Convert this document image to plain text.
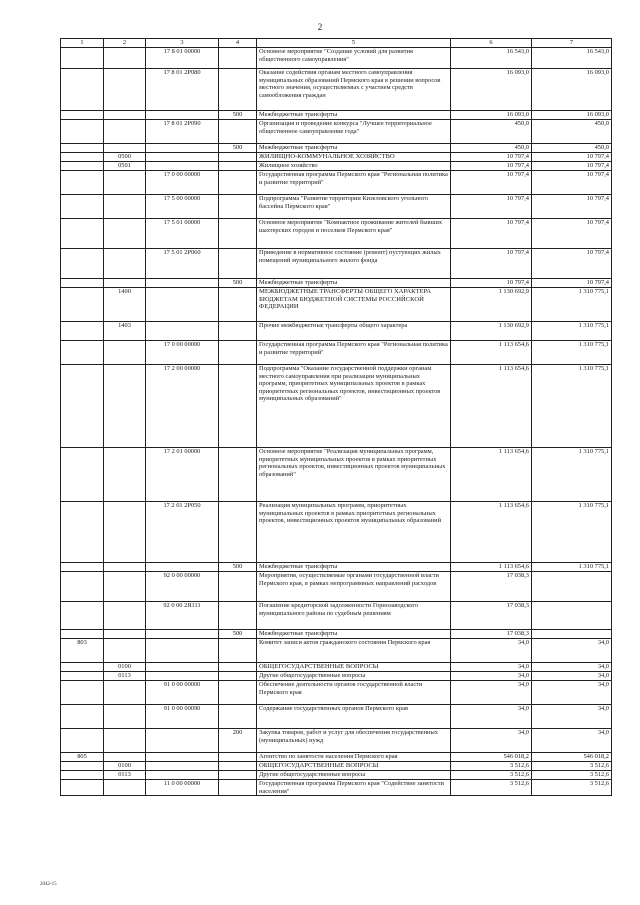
2
1	2	3	4	5	6	7
		17 8 01 00000		Основное мероприятие "Создание условий для развития общественного самоуправления"	16 543,0	16 543,0
		17 8 01 2Р080		Оказание содействия органам местного самоуправления муниципальных образований Пермского края в решении вопросов местного значения, осуществляемых с участием средств самообложения граждан	16 093,0	16 093,0
			500	Межбюджетные трансферты	16 093,0	16 093,0
		17 8 01 2Р090		Организация и проведение конкурса "Лучшее территориальное общественное самоуправление года"	450,0	450,0
			500	Межбюджетные трансферты	450,0	450,0
	0500			ЖИЛИЩНО-КОММУНАЛЬНОЕ ХОЗЯЙСТВО	10 797,4	10 797,4
	0501			Жилищное хозяйство	10 797,4	10 797,4
		17 0 00 00000		Государственная программа Пермского края "Региональная политика и развитие территорий"	10 797,4	10 797,4
		17 5 00 00000		Подпрограмма "Развитие территории Кизеловского угольного бассейна Пермского края"	10 797,4	10 797,4
		17 5 01 00000		Основное мероприятие "Компактное проживание жителей бывших шахтерских городов и поселков Пермского края"	10 797,4	10 797,4
		17 5 01 2Р060		Приведение в нормативное состояние (ремонт) пустующих жилых помещений муниципального жилого фонда	10 797,4	10 797,4
			500	Межбюджетные трансферты	10 797,4	10 797,4
	1400			МЕЖБЮДЖЕТНЫЕ ТРАНСФЕРТЫ ОБЩЕГО ХАРАКТЕРА БЮДЖЕТАМ БЮДЖЕТНОЙ СИСТЕМЫ РОССИЙСКОЙ ФЕДЕРАЦИИ	1 130 692,9	1 310 775,1
	1403			Прочие межбюджетные трансферты общего характера	1 130 692,9	1 310 775,1
		17 0 00 00000		Государственная программа Пермского края "Региональная политика и развитие территорий"	1 113 654,6	1 310 775,1
		17 2 00 00000		Подпрограмма "Оказание государственной поддержки органам местного самоуправления при реализации муниципальных программ, приоритетных муниципальных проектов в рамках приоритетных региональных проектов, инвестиционных проектов муниципальных образований"	1 113 654,6	1 310 775,1
		17 2 01 00000		Основное мероприятие "Реализация муниципальных программ, приоритетных муниципальных проектов в рамках приоритетных региональных проектов, инвестиционных проектов муниципальных образований"	1 113 654,6	1 310 775,1
		17 2 01 2Р050		Реализация муниципальных программ, приоритетных муниципальных проектов в рамках приоритетных региональных проектов, инвестиционных проектов муниципальных образований	1 113 654,6	1 310 775,1
			500	Межбюджетные трансферты	1 113 654,6	1 310 775,1
		92 0 00 00000		Мероприятия, осуществляемые органами государственной власти Пермского края, в рамках непрограммных направлений расходов	17 038,3	
		92 0 00 2Я111		Погашение кредиторской задолженности Горнозаводского муниципального района по судебным решениям	17 038,3	
			500	Межбюджетные трансферты	17 038,3	
803				Комитет записи актов гражданского состояния Пермского края	34,0	34,0
	0100			ОБЩЕГОСУДАРСТВЕННЫЕ ВОПРОСЫ	34,0	34,0
	0113			Другие общегосударственные вопросы	34,0	34,0
		91 0 00 00000		Обеспечение деятельности органов государственной власти Пермского края	34,0	34,0
		91 0 00 00090		Содержание государственных органов Пермского края	34,0	34,0
			200	Закупка товаров, работ и услуг для обеспечения государственных (муниципальных) нужд	34,0	34,0
805				Агентство по занятости населения Пермского края	546 018,2	546 018,2
	0100			ОБЩЕГОСУДАРСТВЕННЫЕ ВОПРОСЫ	3 512,6	3 512,6
	0113			Другие общегосударственные вопросы	3 512,6	3 512,6
		11 0 00 00000		Государственная программа Пермского края "Содействие занятости населения"	3 512,6	3 512,6
2042-15
